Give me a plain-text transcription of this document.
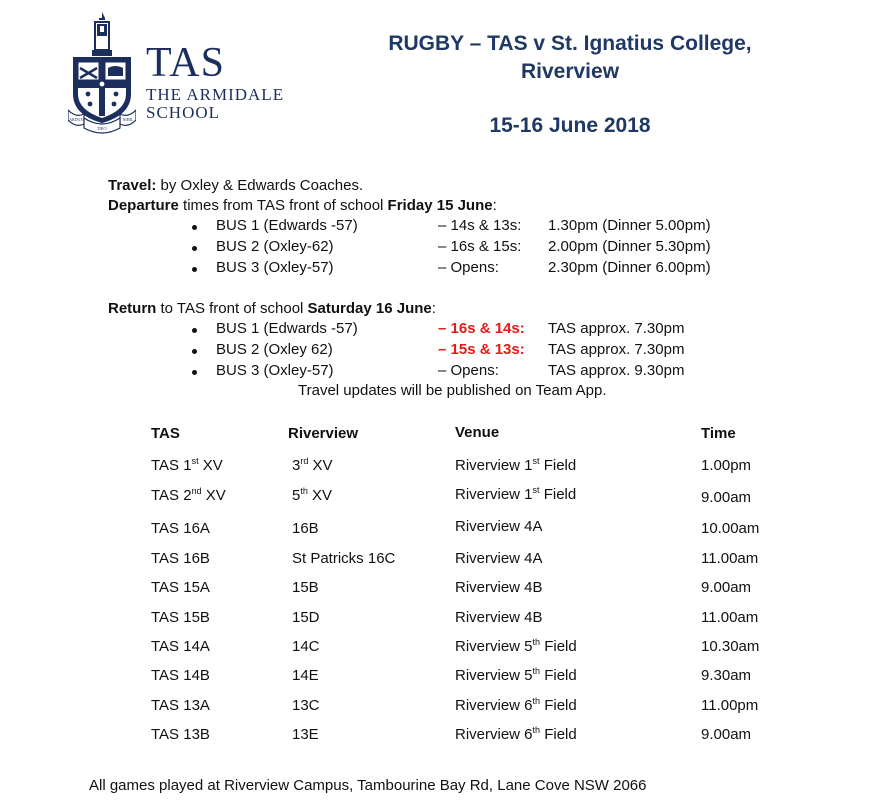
ARDUE
DEO
NIHIL
TAS
THE ARMIDALE
SCHOOL
RUGBY – TAS v St. Ignatius College,
Riverview
15-16 June 2018
Travel: by Oxley & Edwards Coaches.
Departure times from TAS front of school Friday 15 June:
BUS 1 (Edwards -57)	– 14s & 13s: 1.30pm (Dinner 5.00pm)
BUS 2 (Oxley-62)	– 16s & 15s: 2.00pm (Dinner 5.30pm)
BUS 3 (Oxley-57)	– Opens:	2.30pm (Dinner 6.00pm)
Return to TAS front of school Saturday 16 June:
BUS 1 (Edwards -57)	– 16s & 14s: TAS approx. 7.30pm
BUS 2 (Oxley 62)	– 15s & 13s: TAS approx. 7.30pm
BUS 3 (Oxley-57)	– Opens:	TAS approx. 9.30pm
Travel updates will be published on Team App.
TAS	Riverview	Venue	Time
TAS 1st XV	3rd XV	Riverview 1st Field	1.00pm
TAS 2nd XV	5th XV	Riverview 1st Field	9.00am
TAS 16A	16B	Riverview 4A	10.00am
TAS 16B	St Patricks 16C	Riverview 4A	11.00am
TAS 15A	15B	Riverview 4B	9.00am
TAS 15B	15D	Riverview 4B	11.00am
TAS 14A	14C	Riverview 5th Field	10.30am
TAS 14B	14E	Riverview 5th Field	9.30am
TAS 13A	13C	Riverview 6th Field	11.00pm
TAS 13B	13E	Riverview 6th Field	9.00am
All games played at Riverview Campus, Tambourine Bay Rd, Lane Cove NSW 2066
